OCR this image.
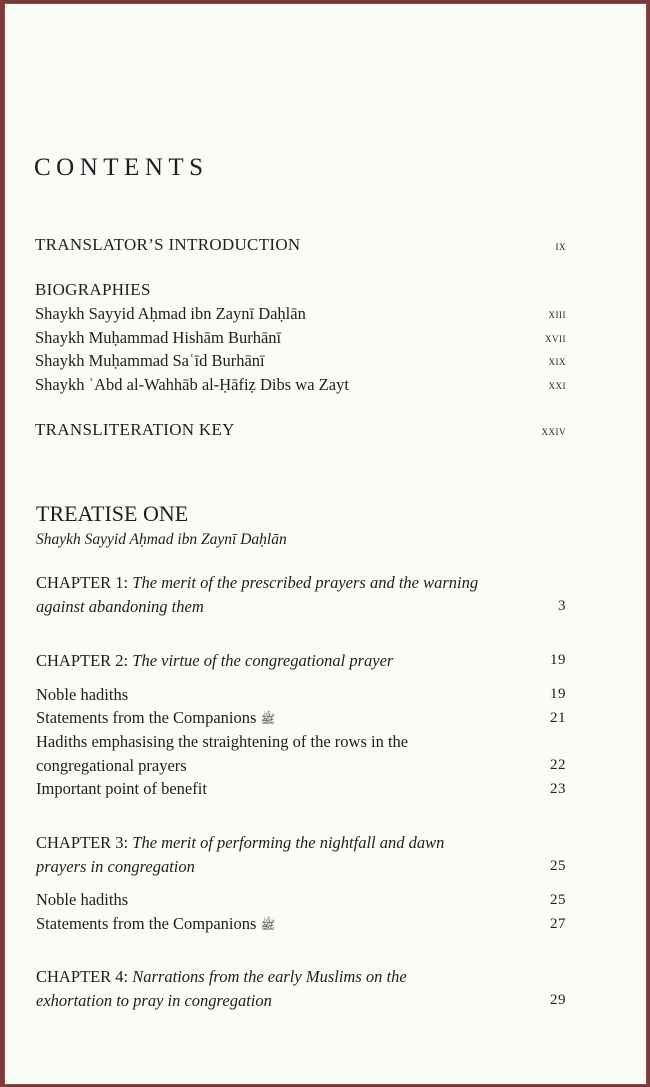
CONTENTS
TRANSLATOR’S INTRODUCTION	ix
BIOGRAPHIES
Shaykh Sayyid Aḥmad ibn Zaynī Daḥlān	xiii
Shaykh Muḥammad Hishām Burhānī	xvii
Shaykh Muḥammad Saʿīd Burhānī	xix
Shaykh ʿAbd al-Wahhāb al-Ḥāfiẓ Dibs wa Zayt	xxi
TRANSLITERATION KEY	xxiv
TREATISE ONE
Shaykh Sayyid Aḥmad ibn Zaynī Daḥlān
CHAPTER 1: The merit of the prescribed prayers and the warning
against abandoning them	3
CHAPTER 2: The virtue of the congregational prayer	19
Noble hadiths	19
Statements from the Companions ﷺ	21
Hadiths emphasising the straightening of the rows in the
congregational prayers	22
Important point of benefit	23
CHAPTER 3: The merit of performing the nightfall and dawn
prayers in congregation	25
Noble hadiths	25
Statements from the Companions ﷺ	27
CHAPTER 4: Narrations from the early Muslims on the
exhortation to pray in congregation	29
